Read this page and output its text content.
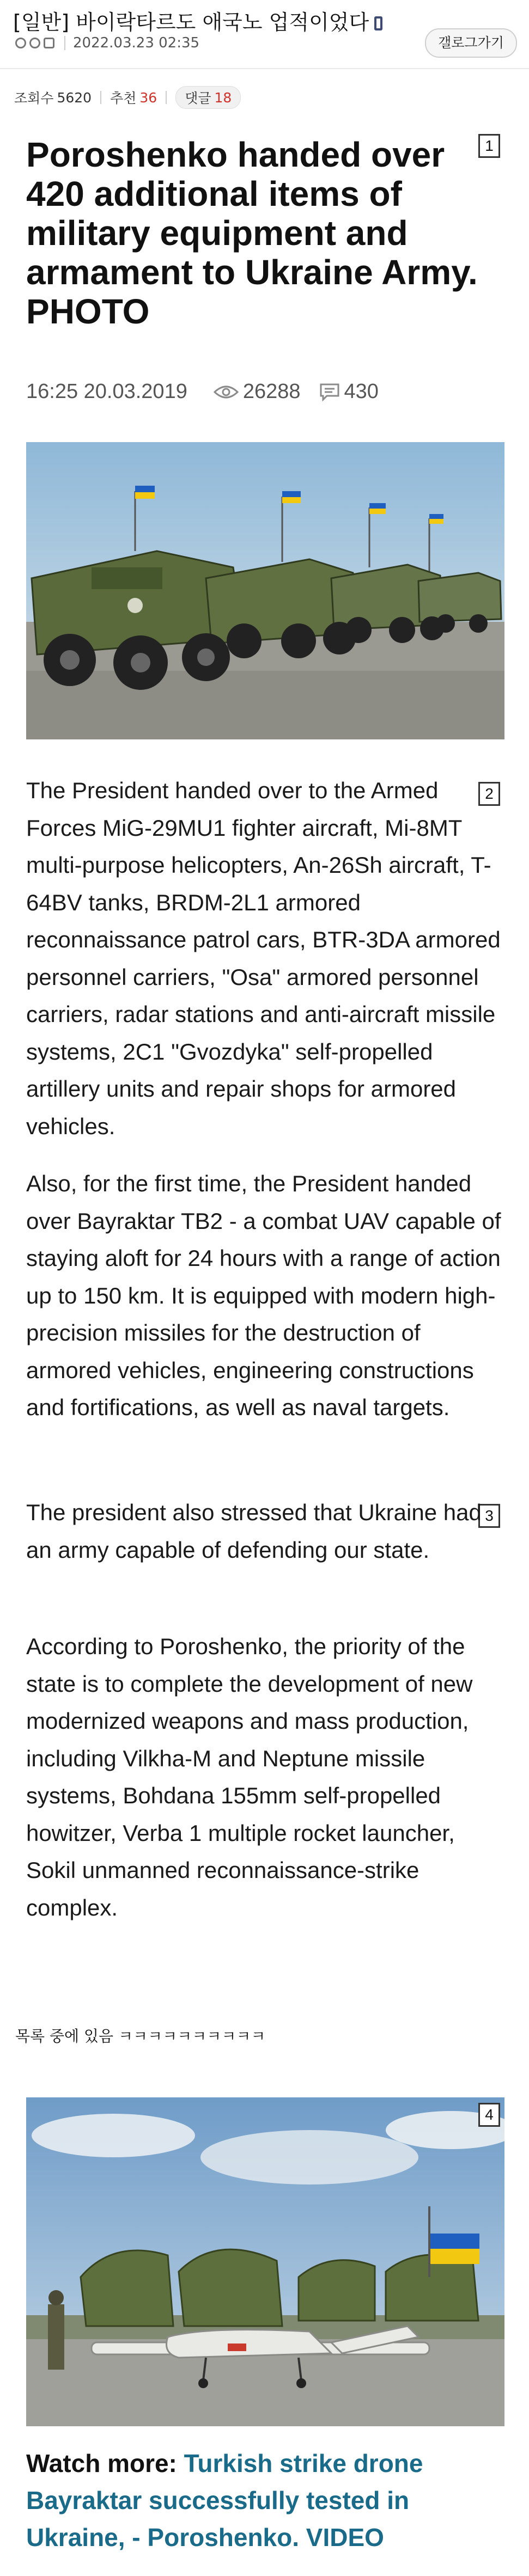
[일반] 바이락타르도 애국노 업적이었다
2022.03.23 02:35	갤로그가기
조회수 5620 추천 36 댓글 18
Poroshenko handed over 420 additional items of military equipment and armament to Ukraine Army. PHOTO
1
16:25 20.03.2019	26288 430
2

The President handed over to the Armed Forces MiG-29MU1 fighter aircraft, Mi-8MT multi-purpose helicopters, An-26Sh aircraft, T-64BV tanks, BRDM-2L1 armored reconnaissance patrol cars, BTR-3DA armored personnel carriers, "Osa" armored personnel carriers, radar stations and anti-aircraft missile systems, 2C1 "Gvozdyka" self-propelled artillery units and repair shops for armored vehicles.

Also, for the first time, the President handed over Bayraktar TB2 - a combat UAV capable of staying aloft for 24 hours with a range of action up to 150 km. It is equipped with modern high-precision missiles for the destruction of armored vehicles, engineering constructions and fortifications, as well as naval targets.

3

The president also stressed that Ukraine had an army capable of defending our state.

According to Poroshenko, the priority of the state is to complete the development of new modernized weapons and mass production, including Vilkha-M and Neptune missile systems, Bohdana 155mm self-propelled howitzer, Verba 1 multiple rocket launcher, Sokil unmanned reconnaissance-strike complex.

목록 중에 있음 ㅋㅋㅋㅋㅋㅋㅋㅋㅋㅋ
4
Watch more: Turkish strike drone Bayraktar successfully tested in Ukraine, - Poroshenko. VIDEO
